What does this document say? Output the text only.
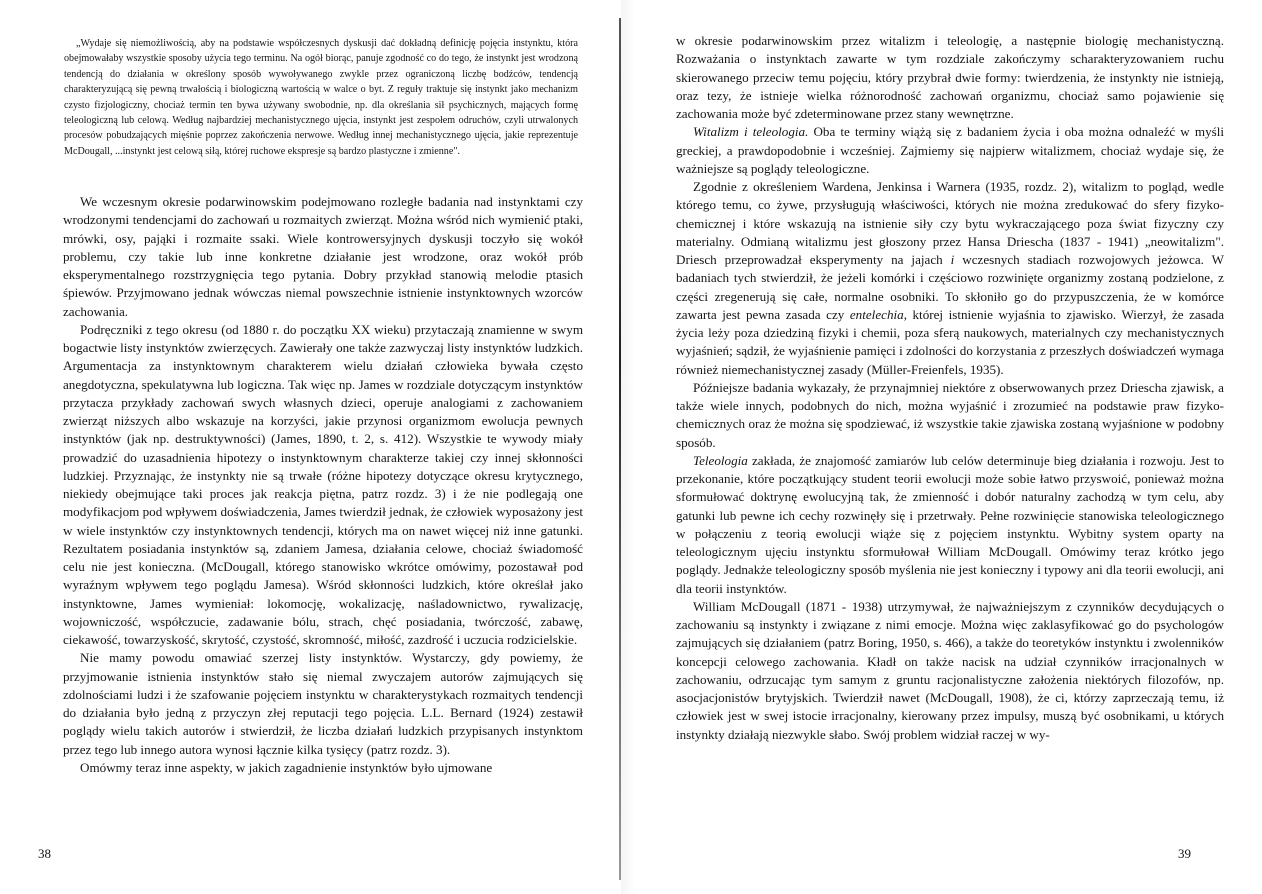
„Wydaje się niemożliwością, aby na podstawie współczesnych dyskusji dać dokładną definicję pojęcia instynktu, która obejmowałaby wszystkie sposoby użycia tego terminu. Na ogół biorąc, panuje zgodność co do tego, że instynkt jest wrodzoną tendencją do działania w określony sposób wywoływanego zwykle przez ograniczoną liczbę bodźców, tendencją charakteryzującą się pewną trwałością i biologiczną wartością w walce o byt. Z reguły traktuje się instynkt jako mechanizm czysto fizjologiczny, chociaż termin ten bywa używany swobodnie, np. dla określania sił psychicznych, mających formę teleologiczną lub celową. Według najbardziej mechanistycznego ujęcia, instynkt jest zespołem odruchów, czyli utrwalonych procesów pobudzających mięśnie poprzez zakończenia nerwowe. Według innej mechanistycznego ujęcia, jakie reprezentuje McDougall, ...instynkt jest celową siłą, której ruchowe ekspresje są bardzo plastyczne i zmienne".

We wczesnym okresie podarwinowskim podejmowano rozległe badania nad instynktami czy wrodzonymi tendencjami do zachowań u rozmaitych zwierząt. Można wśród nich wymienić ptaki, mrówki, osy, pająki i rozmaite ssaki. Wiele kontrowersyjnych dyskusji toczyło się wokół problemu, czy takie lub inne konkretne działanie jest wrodzone, oraz wokół prób eksperymentalnego rozstrzygnięcia tego pytania. Dobry przykład stanowią melodie ptasich śpiewów. Przyjmowano jednak wówczas niemal powszechnie istnienie instynktownych wzorców zachowania.

Podręczniki z tego okresu (od 1880 r. do początku XX wieku) przytaczają znamienne w swym bogactwie listy instynktów zwierzęcych. Zawierały one także zazwyczaj listy instynktów ludzkich. Argumentacja za instynktownym charakterem wielu działań człowieka bywała często anegdotyczna, spekulatywna lub logiczna. Tak więc np. James w rozdziale dotyczącym instynktów przytacza przykłady zachowań swych własnych dzieci, operuje analogiami z zachowaniem zwierząt niższych albo wskazuje na korzyści, jakie przynosi organizmom ewolucja pewnych instynktów (jak np. destruktywności) (James, 1890, t. 2, s. 412). Wszystkie te wywody miały prowadzić do uzasadnienia hipotezy o instynktownym charakterze takiej czy innej skłonności ludzkiej. Przyznając, że instynkty nie są trwałe (różne hipotezy dotyczące okresu krytycznego, niekiedy obejmujące taki proces jak reakcja piętna, patrz rozdz. 3) i że nie podlegają one modyfikacjom pod wpływem doświadczenia, James twierdził jednak, że człowiek wyposażony jest w wiele instynktów czy instynktownych tendencji, których ma on nawet więcej niż inne gatunki. Rezultatem posiadania instynktów są, zdaniem Jamesa, działania celowe, chociaż świadomość celu nie jest konieczna. (McDougall, którego stanowisko wkrótce omówimy, pozostawał pod wyraźnym wpływem tego poglądu Jamesa). Wśród skłonności ludzkich, które określał jako instynktowne, James wymieniał: lokomocję, wokalizację, naśladownictwo, rywalizację, wojowniczość, współczucie, zadawanie bólu, strach, chęć posiadania, twórczość, zabawę, ciekawość, towarzyskość, skrytość, czystość, skromność, miłość, zazdrość i uczucia rodzicielskie.

Nie mamy powodu omawiać szerzej listy instynktów. Wystarczy, gdy powiemy, że przyjmowanie istnienia instynktów stało się niemal zwyczajem autorów zajmujących się zdolnościami ludzi i że szafowanie pojęciem instynktu w charakterystykach rozmaitych tendencji do działania było jedną z przyczyn złej reputacji tego pojęcia. L.L. Bernard (1924) zestawił poglądy wielu takich autorów i stwierdził, że liczba działań ludzkich przypisanych instynktom przez tego lub innego autora wynosi łącznie kilka tysięcy (patrz rozdz. 3).

Omówmy teraz inne aspekty, w jakich zagadnienie instynktów było ujmowane

38

w okresie podarwinowskim przez witalizm i teleologię, a następnie biologię mechanistyczną. Rozważania o instynktach zawarte w tym rozdziale zakończymy scharakteryzowaniem ruchu skierowanego przeciw temu pojęciu, który przybrał dwie formy: twierdzenia, że instynkty nie istnieją, oraz tezy, że istnieje wielka różnorodność zachowań organizmu, chociaż samo pojawienie się zachowania może być zdeterminowane przez stany wewnętrzne.

Witalizm i teleologia. Oba te terminy wiążą się z badaniem życia i oba można odnaleźć w myśli greckiej, a prawdopodobnie i wcześniej. Zajmiemy się najpierw witalizmem, chociaż wydaje się, że ważniejsze są poglądy teleologiczne.

Zgodnie z określeniem Wardena, Jenkinsa i Warnera (1935, rozdz. 2), witalizm to pogląd, wedle którego temu, co żywe, przysługują właściwości, których nie można zredukować do sfery fizyko-chemicznej i które wskazują na istnienie siły czy bytu wykraczającego poza świat fizyczny czy materialny. Odmianą witalizmu jest głoszony przez Hansa Driescha (1837 - 1941) „neowitalizm". Driesch przeprowadzał eksperymenty na jajach i wczesnych stadiach rozwojowych jeżowca. W badaniach tych stwierdził, że jeżeli komórki i częściowo rozwinięte organizmy zostaną podzielone, z części zregenerują się całe, normalne osobniki. To skłoniło go do przypuszczenia, że w komórce zawarta jest pewna zasada czy entelechia, której istnienie wyjaśnia to zjawisko. Wierzył, że zasada życia leży poza dziedziną fizyki i chemii, poza sferą naukowych, materialnych czy mechanistycznych wyjaśnień; sądził, że wyjaśnienie pamięci i zdolności do korzystania z przeszłych doświadczeń wymaga również niemechanistycznej zasady (Müller-Freienfels, 1935).

Późniejsze badania wykazały, że przynajmniej niektóre z obserwowanych przez Driescha zjawisk, a także wiele innych, podobnych do nich, można wyjaśnić i zrozumieć na podstawie praw fizyko-chemicznych oraz że można się spodziewać, iż wszystkie takie zjawiska zostaną wyjaśnione w podobny sposób.

Teleologia zakłada, że znajomość zamiarów lub celów determinuje bieg działania i rozwoju. Jest to przekonanie, które początkujący student teorii ewolucji może sobie łatwo przyswoić, ponieważ można sformułować doktrynę ewolucyjną tak, że zmienność i dobór naturalny zachodzą w tym celu, aby gatunki lub pewne ich cechy rozwinęły się i przetrwały. Pełne rozwinięcie stanowiska teleologicznego w połączeniu z teorią ewolucji wiąże się z pojęciem instynktu. Wybitny system oparty na teleologicznym ujęciu instynktu sformułował William McDougall. Omówimy teraz krótko jego poglądy. Jednakże teleologiczny sposób myślenia nie jest konieczny i typowy ani dla teorii ewolucji, ani dla teorii instynktów.

William McDougall (1871 - 1938) utrzymywał, że najważniejszym z czynników decydujących o zachowaniu są instynkty i związane z nimi emocje. Można więc zaklasyfikować go do psychologów zajmujących się działaniem (patrz Boring, 1950, s. 466), a także do teoretyków instynktu i zwolenników koncepcji celowego zachowania. Kładł on także nacisk na udział czynników irracjonalnych w zachowaniu, odrzucając tym samym z gruntu racjonalistyczne założenia niektórych filozofów, np. asocjacjonistów brytyjskich. Twierdził nawet (McDougall, 1908), że ci, którzy zaprzeczają temu, iż człowiek jest w swej istocie irracjonalny, kierowany przez impulsy, muszą być osobnikami, u których instynkty działają niezwykle słabo. Swój problem widział raczej w wy-

39
